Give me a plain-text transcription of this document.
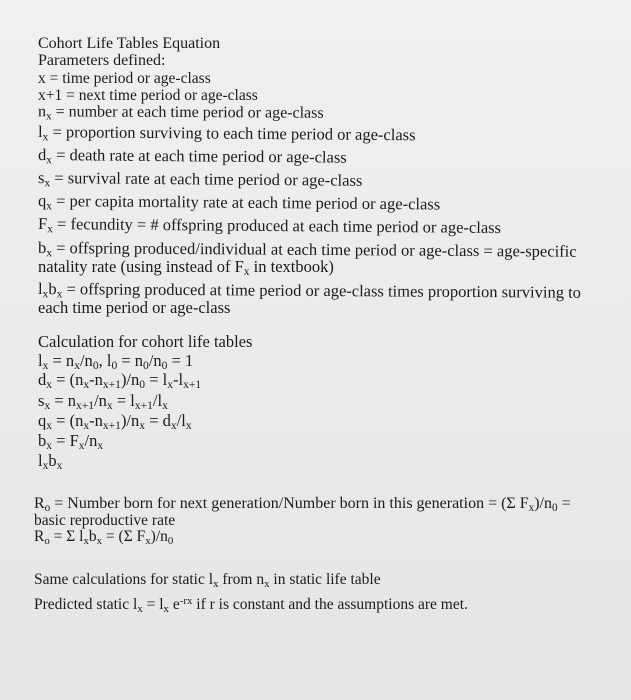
Cohort Life Tables Equation
Parameters defined:
x = time period or age-class
x+1 = next time period or age-class
$n_x$ = number at each time period or age-class
$l_x$ = proportion surviving to each time period or age-class
$d_x$ = death rate at each time period or age-class
$s_x$ = survival rate at each time period or age-class
$q_x$ = per capita mortality rate at each time period or age-class
$F_x$ = fecundity = # offspring produced at each time period or age-class
$b_x$ = offspring produced/individual at each time period or age-class = age-specific
natality rate (using instead of $F_x$ in textbook)
$l_xb_x$ = offspring produced at time period or age-class times proportion surviving to
each time period or age-class
Calculation for cohort life tables
$l_x = n_x/n_0$, $l_0 = n_0/n_0 = 1$
$d_x = (n_x-n_{x+1})/n_0 = l_x-l_{x+1}$
$s_x = n_{x+1}/n_x = l_{x+1}/l_x$
$q_x = (n_x-n_{x+1})/n_x = d_x/l_x$
$b_x = F_x/n_x$
$l_xb_x$
$R_o$ = Number born for next generation/Number born in this generation = (Σ $F_x)/n_0$ =
basic reproductive rate
$R_o = \Sigma$ $l_xb_x = (\Sigma$ $F_x)/n_0$
Same calculations for static $l_x$ from $n_x$ in static life table
Predicted static $l_x = l_x$ $e^{-rx}$ if r is constant and the assumptions are met.
